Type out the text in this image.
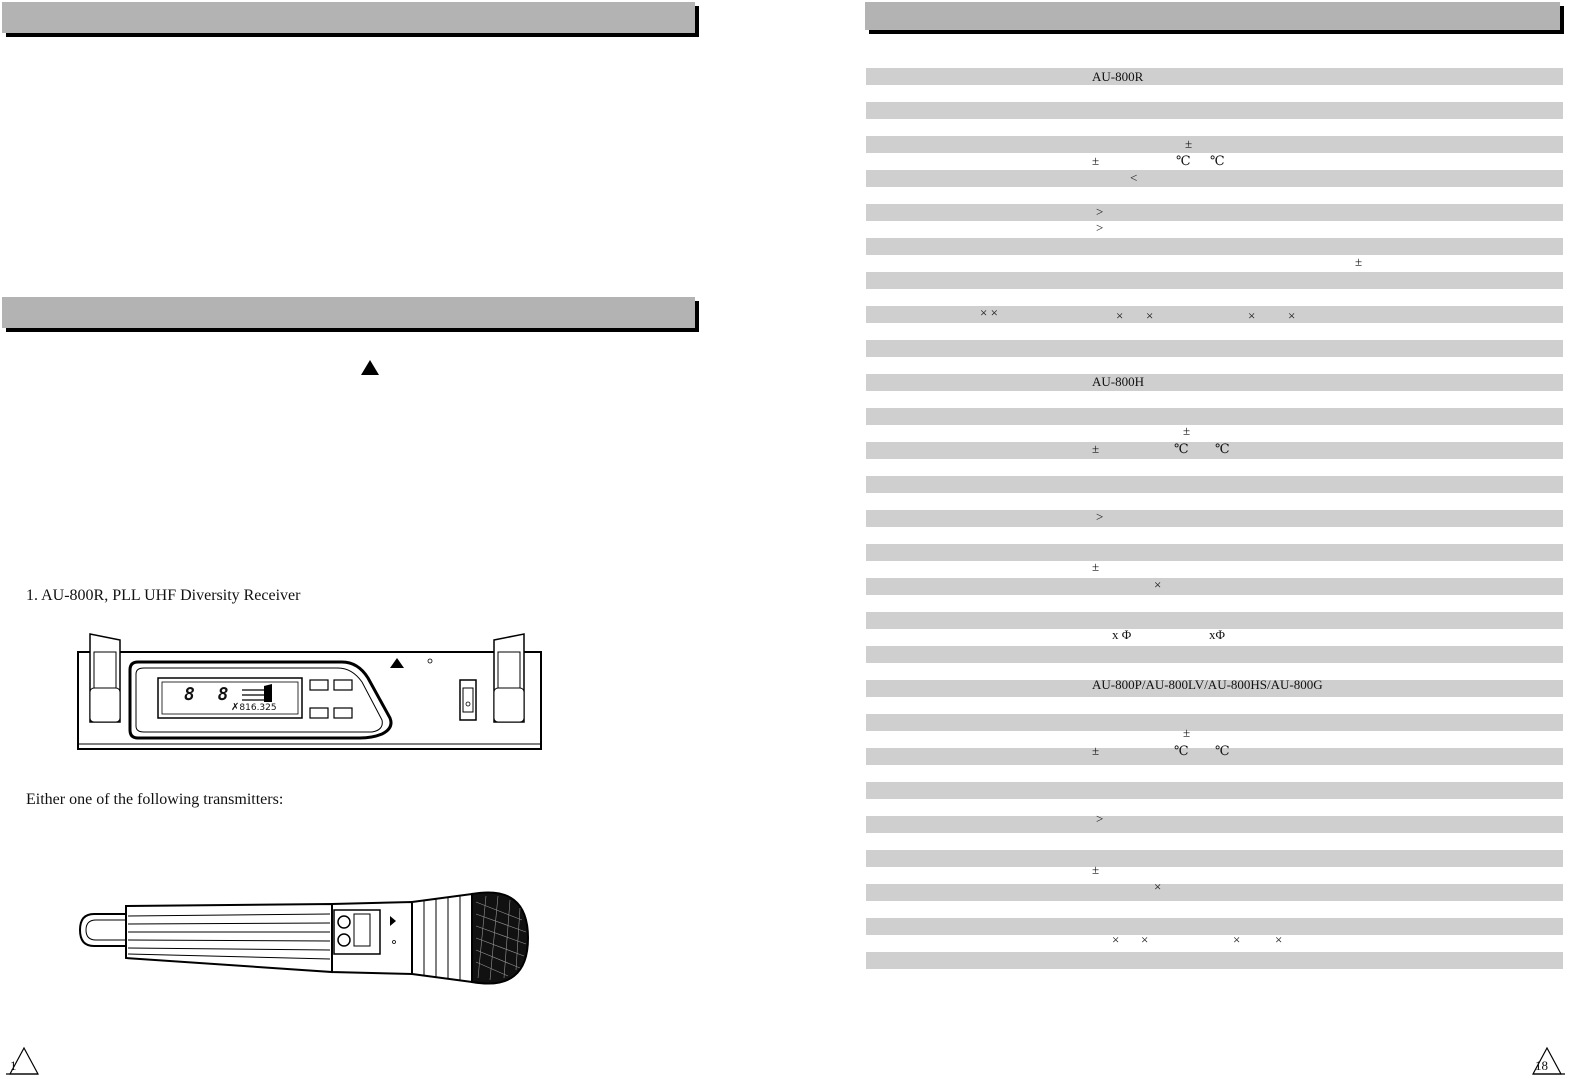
1. AU-800R, PLL UHF Diversity Receiver
8 8
✗816.325
Either one of the following transmitters:
1
AU-800R
±
±	℃ ℃
<
>
>
±
× ×	× ×	×	×
AU-800H
±
±	℃ ℃
>
±
×
x Φ	xΦ
AU-800P/AU-800LV/AU-800HS/AU-800G
±
±	℃ ℃
>
±
×
× ×	×	×
18
